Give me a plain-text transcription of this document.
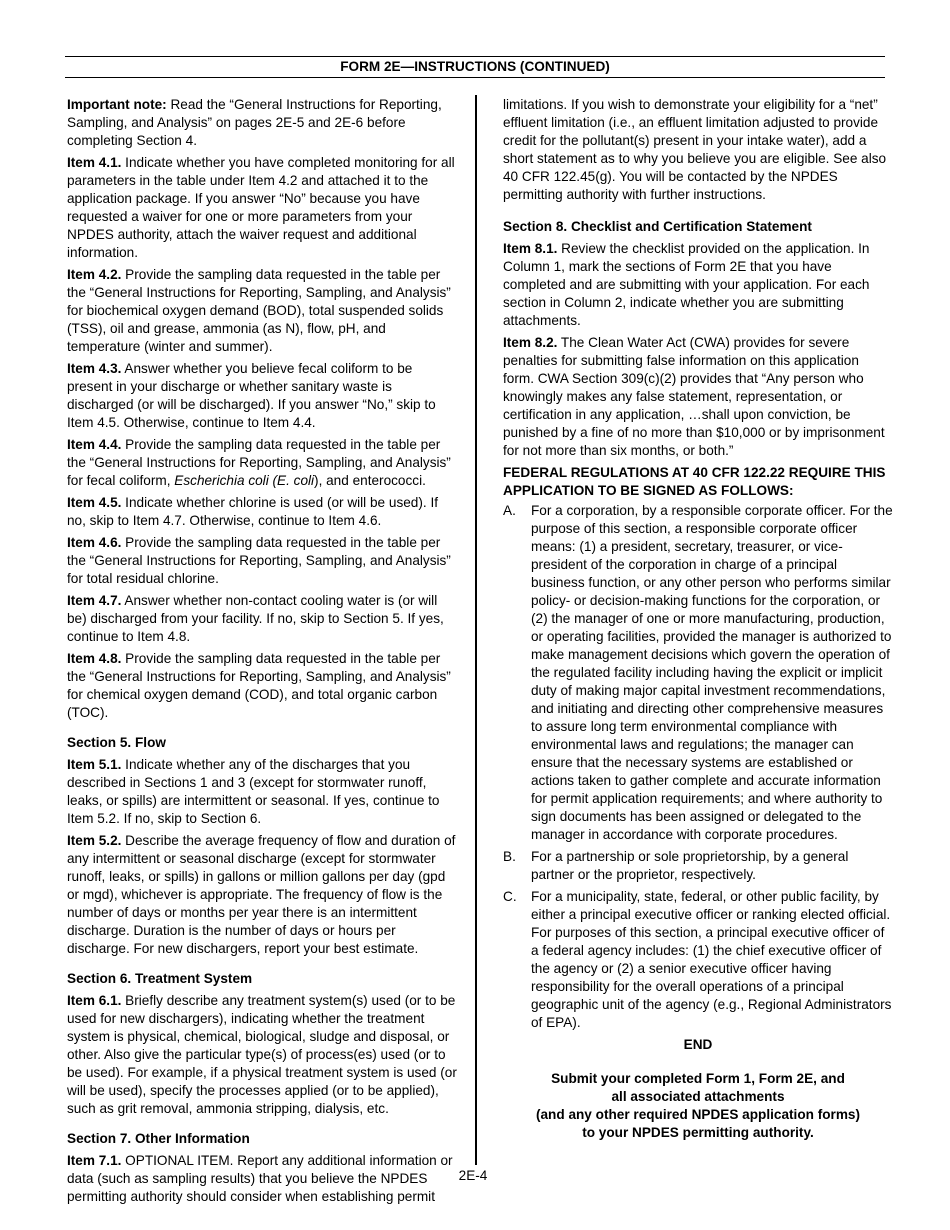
FORM 2E—INSTRUCTIONS (CONTINUED)

Important note: Read the “General Instructions for Reporting, Sampling, and Analysis” on pages 2E-5 and 2E-6 before completing Section 4.

Item 4.1. Indicate whether you have completed monitoring for all parameters in the table under Item 4.2 and attached it to the application package. If you answer “No” because you have requested a waiver for one or more parameters from your NPDES authority, attach the waiver request and additional information.

Item 4.2. Provide the sampling data requested in the table per the “General Instructions for Reporting, Sampling, and Analysis” for biochemical oxygen demand (BOD), total suspended solids (TSS), oil and grease, ammonia (as N), flow, pH, and temperature (winter and summer).

Item 4.3. Answer whether you believe fecal coliform to be present in your discharge or whether sanitary waste is discharged (or will be discharged). If you answer “No,” skip to Item 4.5. Otherwise, continue to Item 4.4.

Item 4.4. Provide the sampling data requested in the table per the “General Instructions for Reporting, Sampling, and Analysis” for fecal coliform, Escherichia coli (E. coli), and enterococci.

Item 4.5. Indicate whether chlorine is used (or will be used). If no, skip to Item 4.7. Otherwise, continue to Item 4.6.

Item 4.6. Provide the sampling data requested in the table per the “General Instructions for Reporting, Sampling, and Analysis” for total residual chlorine.

Item 4.7. Answer whether non-contact cooling water is (or will be) discharged from your facility. If no, skip to Section 5. If yes, continue to Item 4.8.

Item 4.8. Provide the sampling data requested in the table per the “General Instructions for Reporting, Sampling, and Analysis” for chemical oxygen demand (COD), and total organic carbon (TOC).

Section 5. Flow

Item 5.1. Indicate whether any of the discharges that you described in Sections 1 and 3 (except for stormwater runoff, leaks, or spills) are intermittent or seasonal. If yes, continue to Item 5.2. If no, skip to Section 6.

Item 5.2. Describe the average frequency of flow and duration of any intermittent or seasonal discharge (except for stormwater runoff, leaks, or spills) in gallons or million gallons per day (gpd or mgd), whichever is appropriate. The frequency of flow is the number of days or months per year there is an intermittent discharge. Duration is the number of days or hours per discharge. For new dischargers, report your best estimate.

Section 6. Treatment System

Item 6.1. Briefly describe any treatment system(s) used (or to be used for new dischargers), indicating whether the treatment system is physical, chemical, biological, sludge and disposal, or other. Also give the particular type(s) of process(es) used (or to be used). For example, if a physical treatment system is used (or will be used), specify the processes applied (or to be applied), such as grit removal, ammonia stripping, dialysis, etc.

Section 7. Other Information

Item 7.1. OPTIONAL ITEM. Report any additional information or data (such as sampling results) that you believe the NPDES permitting authority should consider when establishing permit

limitations. If you wish to demonstrate your eligibility for a “net” effluent limitation (i.e., an effluent limitation adjusted to provide credit for the pollutant(s) present in your intake water), add a short statement as to why you believe you are eligible. See also 40 CFR 122.45(g). You will be contacted by the NPDES permitting authority with further instructions.

Section 8. Checklist and Certification Statement

Item 8.1. Review the checklist provided on the application. In Column 1, mark the sections of Form 2E that you have completed and are submitting with your application. For each section in Column 2, indicate whether you are submitting attachments.

Item 8.2. The Clean Water Act (CWA) provides for severe penalties for submitting false information on this application form. CWA Section 309(c)(2) provides that “Any person who knowingly makes any false statement, representation, or certification in any application, …shall upon conviction, be punished by a fine of no more than $10,000 or by imprisonment for not more than six months, or both.”

FEDERAL REGULATIONS AT 40 CFR 122.22 REQUIRE THIS APPLICATION TO BE SIGNED AS FOLLOWS:

A.	For a corporation, by a responsible corporate officer. For the purpose of this section, a responsible corporate officer means: (1) a president, secretary, treasurer, or vice-president of the corporation in charge of a principal business function, or any other person who performs similar policy- or decision-making functions for the corporation, or (2) the manager of one or more manufacturing, production, or operating facilities, provided the manager is authorized to make management decisions which govern the operation of the regulated facility including having the explicit or implicit duty of making major capital investment recommendations, and initiating and directing other comprehensive measures to assure long term environmental compliance with environmental laws and regulations; the manager can ensure that the necessary systems are established or actions taken to gather complete and accurate information for permit application requirements; and where authority to sign documents has been assigned or delegated to the manager in accordance with corporate procedures.
B.	For a partnership or sole proprietorship, by a general partner or the proprietor, respectively.
C.	For a municipality, state, federal, or other public facility, by either a principal executive officer or ranking elected official. For purposes of this section, a principal executive officer of a federal agency includes: (1) the chief executive officer of the agency or (2) a senior executive officer having responsibility for the overall operations of a principal geographic unit of the agency (e.g., Regional Administrators of EPA).

END

Submit your completed Form 1, Form 2E, and
all associated attachments
(and any other required NPDES application forms)
to your NPDES permitting authority.
2E-4
